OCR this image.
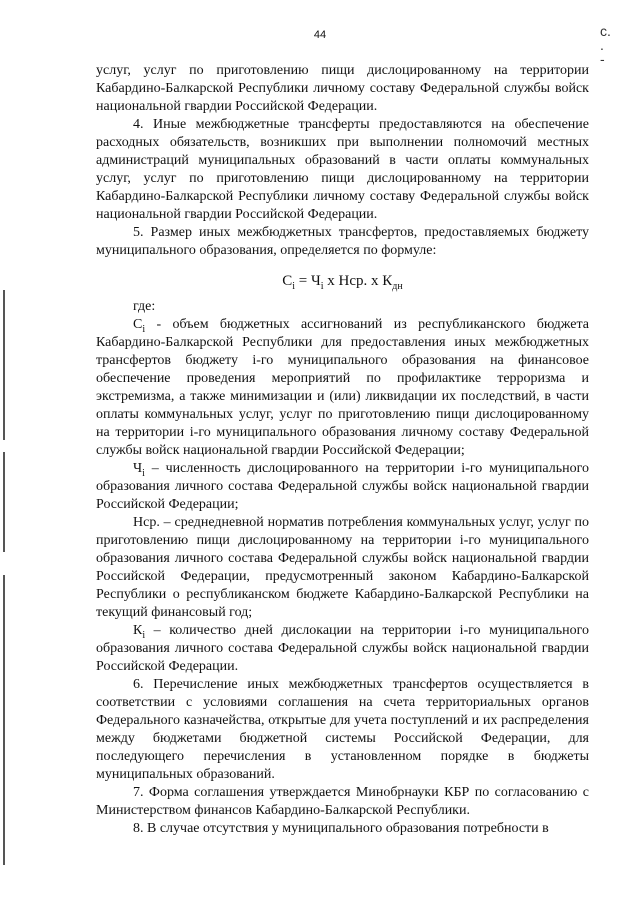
44	c.
.
-

услуг, услуг по приготовлению пищи дислоцированному на территории Кабардино-Балкарской Республики личному составу Федеральной службы войск национальной гвардии Российской Федерации.

4. Иные межбюджетные трансферты предоставляются на обеспечение расходных обязательств, возникших при выполнении полномочий местных администраций муниципальных образований в части оплаты коммунальных услуг, услуг по приготовлению пищи дислоцированному на территории Кабардино-Балкарской Республики личному составу Федеральной службы войск национальной гвардии Российской Федерации.

5. Размер иных межбюджетных трансфертов, предоставляемых бюджету муниципального образования, определяется по формуле:

$C_i = Ч_i$ x Нср. x $К_{дн}$

где:

$C_i$ - объем бюджетных ассигнований из республиканского бюджета Кабардино-Балкарской Республики для предоставления иных межбюджетных трансфертов бюджету i-го муниципального образования на финансовое обеспечение проведения мероприятий по профилактике терроризма и экстремизма, а также минимизации и (или) ликвидации их последствий, в части оплаты коммунальных услуг, услуг по приготовлению пищи дислоцированному на территории i-го муниципального образования личному составу Федеральной службы войск национальной гвардии Российской Федерации;

$Ч_i$ – численность дислоцированного на территории i-го муниципального образования личного состава Федеральной службы войск национальной гвардии Российской Федерации;

Нср. – среднедневной норматив потребления коммунальных услуг, услуг по приготовлению пищи дислоцированному на территории i-го муниципального образования личного состава Федеральной службы войск национальной гвардии Российской Федерации, предусмотренный законом Кабардино-Балкарской Республики о республиканском бюджете Кабардино-Балкарской Республики на текущий финансовый год;

$К_i$ – количество дней дислокации на территории i-го муниципального образования личного состава Федеральной службы войск национальной гвардии Российской Федерации.

6. Перечисление иных межбюджетных трансфертов осуществляется в соответствии с условиями соглашения на счета территориальных органов Федерального казначейства, открытые для учета поступлений и их распределения между бюджетами бюджетной системы Российской Федерации, для последующего перечисления в установленном порядке в бюджеты муниципальных образований.

7. Форма соглашения утверждается Минобрнауки КБР по согласованию с Министерством финансов Кабардино-Балкарской Республики.

8. В случае отсутствия у муниципального образования потребности в
